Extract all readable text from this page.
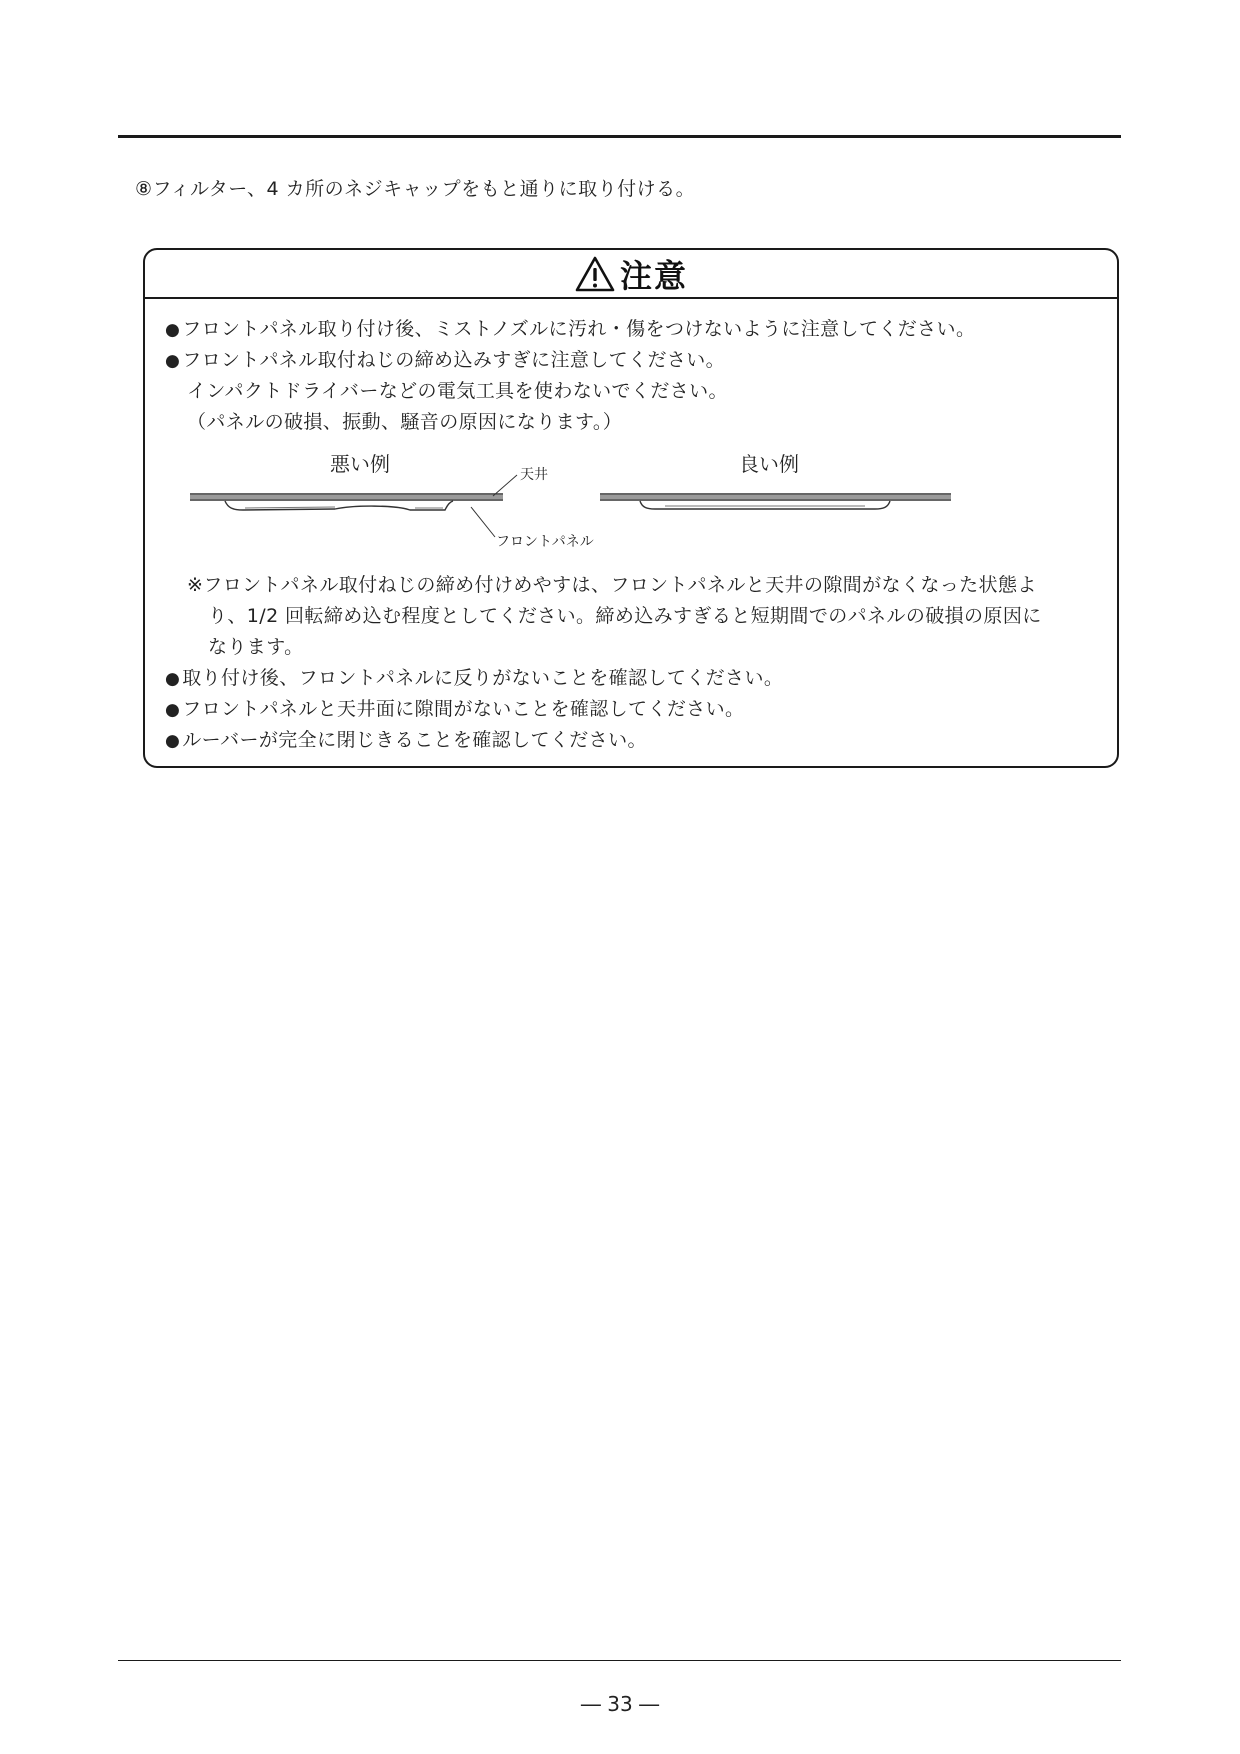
⑧フィルター、4 カ所のネジキャップをもと通りに取り付ける。
注意
● フロントパネル取り付け後、ミストノズルに汚れ・傷をつけないように注意してください。
● フロントパネル取付ねじの締め込みすぎに注意してください。
インパクトドライバーなどの電気工具を使わないでください。
（パネルの破損、振動、騒音の原因になります。）
悪い例	良い例
天井
フロントパネル
※フロントパネル取付ねじの締め付けめやすは、フロントパネルと天井の隙間がなくなった状態よ
り、1/2 回転締め込む程度としてください。締め込みすぎると短期間でのパネルの破損の原因に
なります。
● 取り付け後、フロントパネルに反りがないことを確認してください。
● フロントパネルと天井面に隙間がないことを確認してください。
● ルーバーが完全に閉じきることを確認してください。
― 33 ―
